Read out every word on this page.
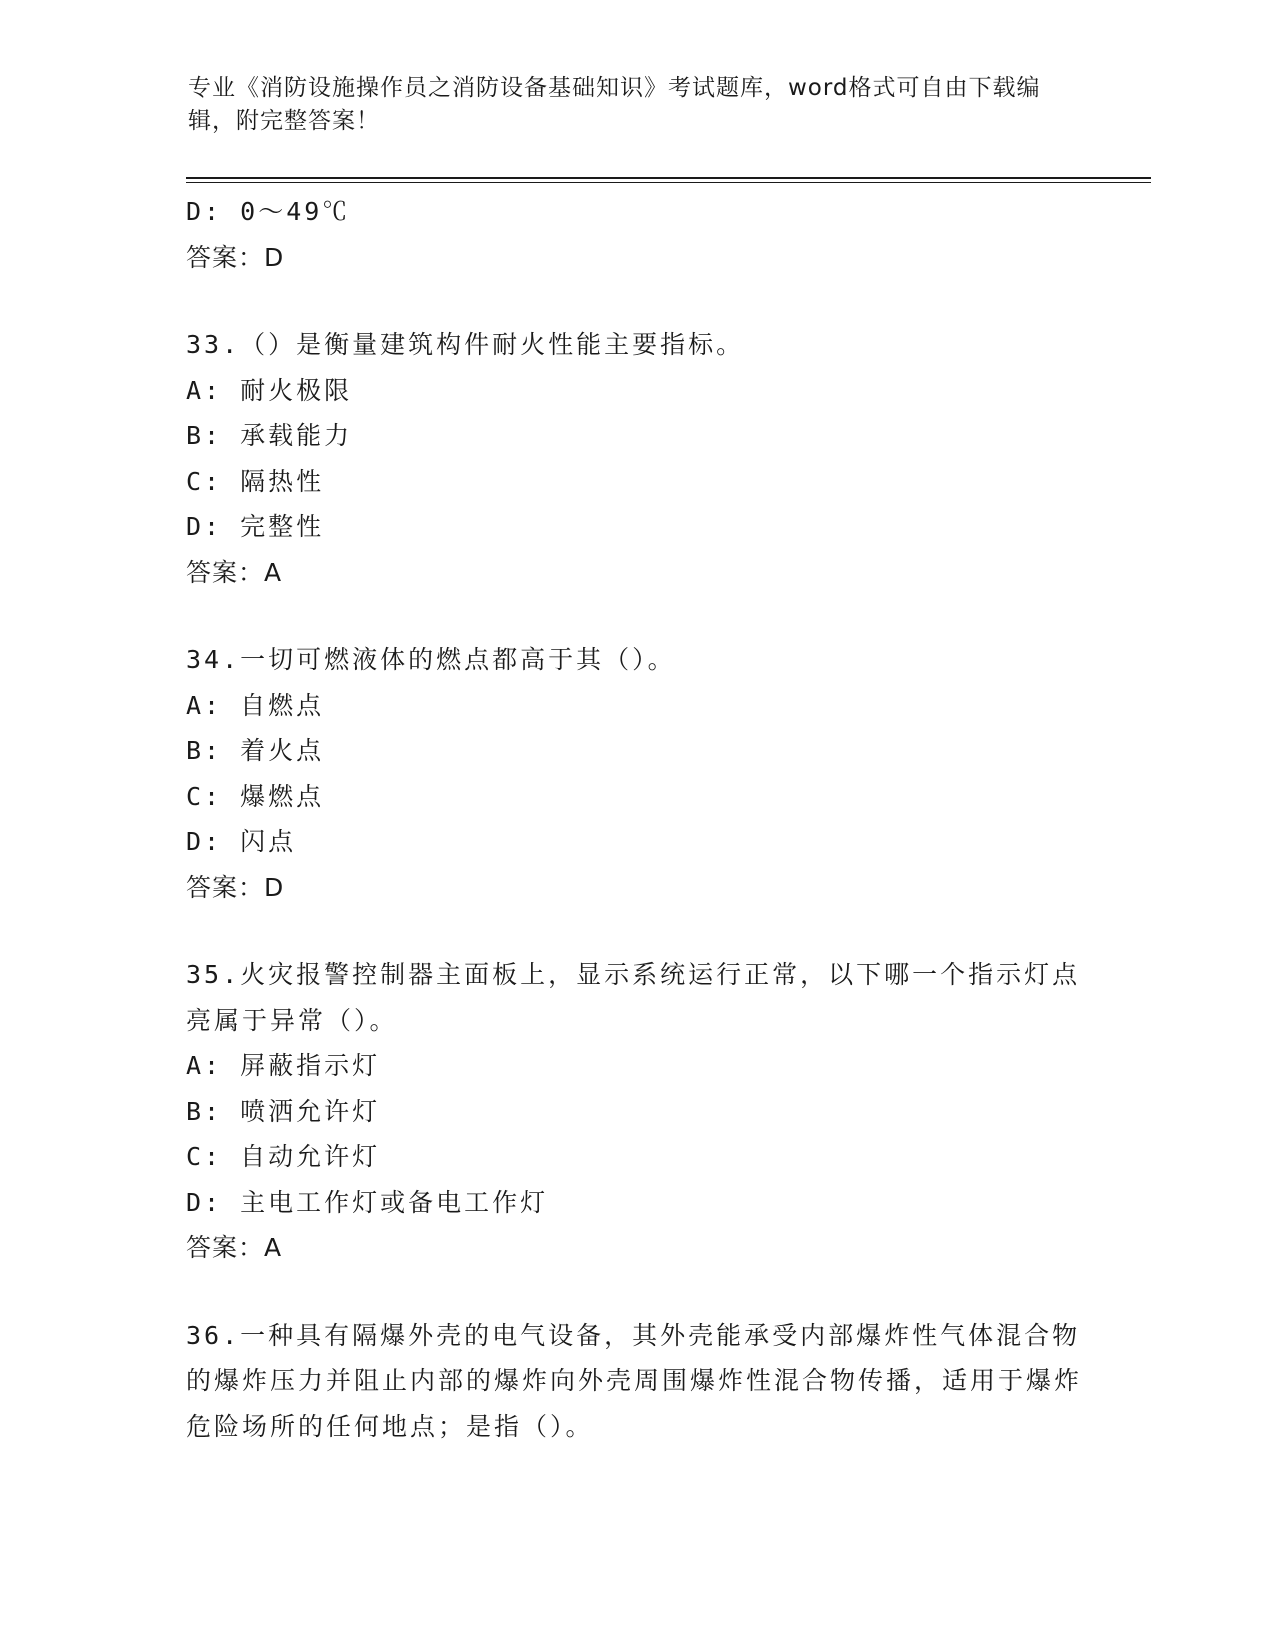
专业《消防设施操作员之消防设备基础知识》考试题库，word格式可自由下载编辑，附完整答案！
D: 0～49℃
答案：D
33.（）是衡量建筑构件耐火性能主要指标。
A: 耐火极限
B: 承载能力
C: 隔热性
D: 完整性
答案：A
34.一切可燃液体的燃点都高于其（）。
A: 自燃点
B: 着火点
C: 爆燃点
D: 闪点
答案：D
35.火灾报警控制器主面板上，显示系统运行正常，以下哪一个指示灯点亮属于异常（）。
A: 屏蔽指示灯
B: 喷洒允许灯
C: 自动允许灯
D: 主电工作灯或备电工作灯
答案：A
36.一种具有隔爆外壳的电气设备，其外壳能承受内部爆炸性气体混合物的爆炸压力并阻止内部的爆炸向外壳周围爆炸性混合物传播，适用于爆炸危险场所的任何地点；是指（）。
